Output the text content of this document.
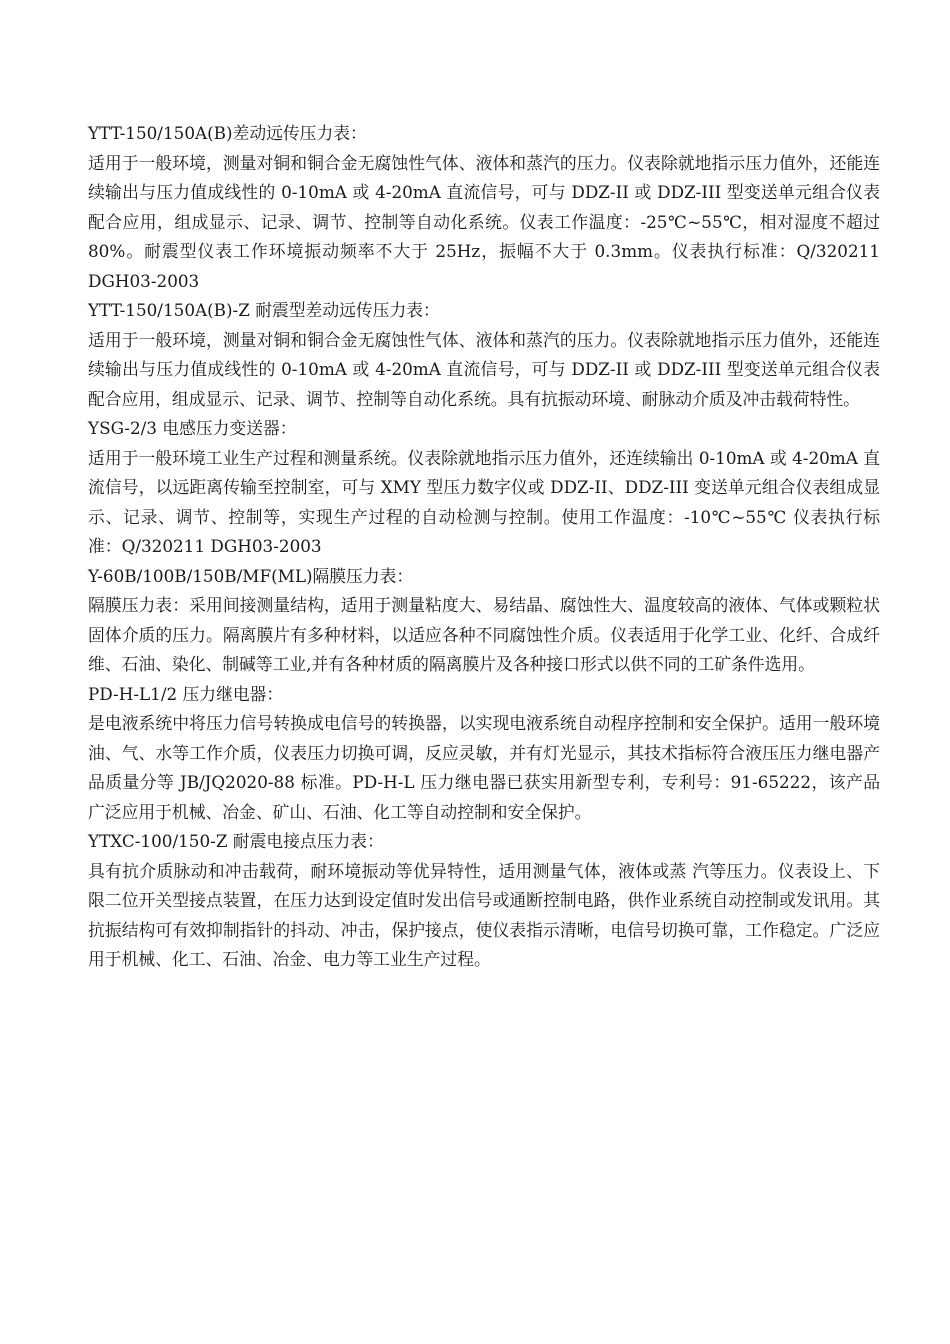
YTT-150/150A(B)差动远传压力表：

适用于一般环境，测量对铜和铜合金无腐蚀性气体、液体和蒸汽的压力。仪表除就地指示压力值外，还能连续输出与压力值成线性的 0-10mA 或 4-20mA 直流信号，可与 DDZ-II 或 DDZ-III 型变送单元组合仪表配合应用，组成显示、记录、调节、控制等自动化系统。仪表工作温度：-25℃~55℃，相对湿度不超过 80%。耐震型仪表工作环境振动频率不大于 25Hz，振幅不大于 0.3mm。仪表执行标准：Q/320211 DGH03-2003

YTT-150/150A(B)-Z 耐震型差动远传压力表：

适用于一般环境，测量对铜和铜合金无腐蚀性气体、液体和蒸汽的压力。仪表除就地指示压力值外，还能连续输出与压力值成线性的 0-10mA 或 4-20mA 直流信号，可与 DDZ-II 或 DDZ-III 型变送单元组合仪表配合应用，组成显示、记录、调节、控制等自动化系统。具有抗振动环境、耐脉动介质及冲击载荷特性。

YSG-2/3 电感压力变送器：

适用于一般环境工业生产过程和测量系统。仪表除就地指示压力值外，还连续输出 0-10mA 或 4-20mA 直流信号，以远距离传输至控制室，可与 XMY 型压力数字仪或 DDZ-II、DDZ-III 变送单元组合仪表组成显示、记录、调节、控制等，实现生产过程的自动检测与控制。使用工作温度：-10℃~55℃ 仪表执行标准：Q/320211 DGH03-2003

Y-60B/100B/150B/MF(ML)隔膜压力表：

隔膜压力表：采用间接测量结构，适用于测量粘度大、易结晶、腐蚀性大、温度较高的液体、气体或颗粒状固体介质的压力。隔离膜片有多种材料，以适应各种不同腐蚀性介质。仪表适用于化学工业、化纤、合成纤维、石油、染化、制碱等工业,并有各种材质的隔离膜片及各种接口形式以供不同的工矿条件选用。

PD-H-L1/2 压力继电器：

是电液系统中将压力信号转换成电信号的转换器，以实现电液系统自动程序控制和安全保护。适用一般环境油、气、水等工作介质，仪表压力切换可调，反应灵敏，并有灯光显示，其技术指标符合液压压力继电器产品质量分等 JB/JQ2020-88 标准。PD-H-L 压力继电器已获实用新型专利，专利号：91-65222，该产品广泛应用于机械、冶金、矿山、石油、化工等自动控制和安全保护。

YTXC-100/150-Z 耐震电接点压力表：

具有抗介质脉动和冲击载荷，耐环境振动等优异特性，适用测量气体，液体或蒸 汽等压力。仪表设上、下限二位开关型接点装置，在压力达到设定值时发出信号或通断控制电路，供作业系统自动控制或发讯用。其抗振结构可有效抑制指针的抖动、冲击，保护接点，使仪表指示清晰，电信号切换可靠，工作稳定。广泛应用于机械、化工、石油、冶金、电力等工业生产过程。
